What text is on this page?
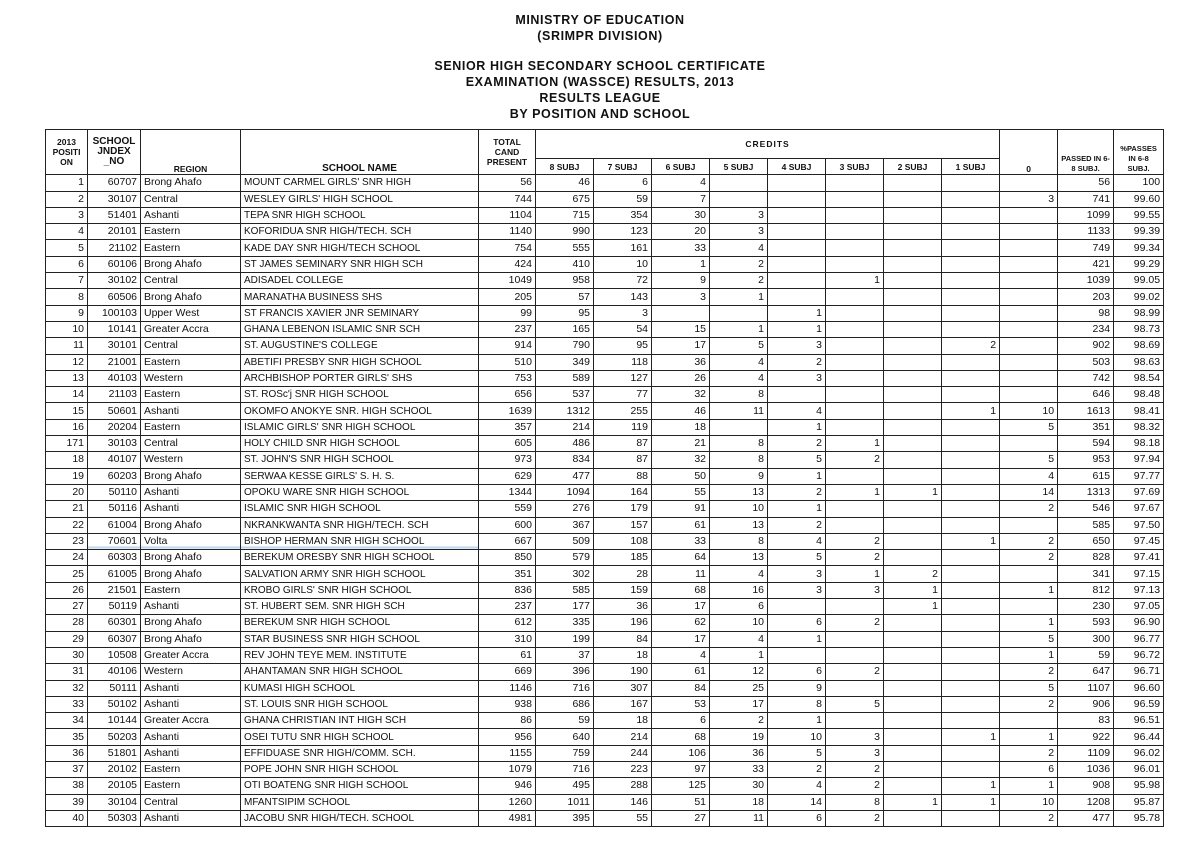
MINISTRY OF EDUCATION
(SRIMPR DIVISION)
SENIOR HIGH SECONDARY SCHOOL CERTIFICATE
EXAMINATION (WASSCE) RESULTS, 2013
RESULTS LEAGUE
BY POSITION AND SCHOOL
2013 POSITI ON	SCHOOL JNDEX _NO	REGION	SCHOOL NAME	TOTAL CAND PRESENT	CREDITS								0	PASSED IN 6-8 SUBJ.	%PASSES IN 6-8 SUBJ.
					8 SUBJ	7 SUBJ	6 SUBJ	5 SUBJ	4 SUBJ	3 SUBJ	2 SUBJ	1 SUBJ			
1	60707	Brong Ahafo	MOUNT CARMEL GIRLS' SNR HIGH	56	46	6	4							56	100
2	30107	Central	WESLEY GIRLS' HIGH SCHOOL	744	675	59	7						3	741	99.60
3	51401	Ashanti	TEPA SNR HIGH SCHOOL	1104	715	354	30	3						1099	99.55
4	20101	Eastern	KOFORIDUA SNR HIGH/TECH. SCH	1140	990	123	20	3						1133	99.39
5	21102	Eastern	KADE DAY SNR HIGH/TECH SCHOOL	754	555	161	33	4						749	99.34
6	60106	Brong Ahafo	ST JAMES SEMINARY SNR HIGH SCH	424	410	10	1	2						421	99.29
7	30102	Central	ADISADEL COLLEGE	1049	958	72	9	2		1				1039	99.05
8	60506	Brong Ahafo	MARANATHA BUSINESS SHS	205	57	143	3	1						203	99.02
9	100103	Upper West	ST FRANCIS XAVIER JNR SEMINARY	99	95	3			1					98	98.99
10	10141	Greater Accra	GHANA LEBENON ISLAMIC SNR SCH	237	165	54	15	1	1					234	98.73
11	30101	Central	ST. AUGUSTINE'S COLLEGE	914	790	95	17	5	3			2		902	98.69
12	21001	Eastern	ABETIFI PRESBY SNR HIGH SCHOOL	510	349	118	36	4	2					503	98.63
13	40103	Western	ARCHBISHOP PORTER GIRLS' SHS	753	589	127	26	4	3					742	98.54
14	21103	Eastern	ST. ROSc'j SNR HIGH SCHOOL	656	537	77	32	8						646	98.48
15	50601	Ashanti	OKOMFO ANOKYE SNR. HIGH SCHOOL	1639	1312	255	46	11	4			1	10	1613	98.41
16	20204	Eastern	ISLAMIC GIRLS' SNR HIGH SCHOOL	357	214	119	18		1				5	351	98.32
171	30103	Central	HOLY CHILD SNR HIGH SCHOOL	605	486	87	21	8	2	1				594	98.18
18	40107	Western	ST. JOHN'S SNR HIGH SCHOOL	973	834	87	32	8	5	2			5	953	97.94
19	60203	Brong Ahafo	SERWAA KESSE GIRLS' S. H. S.	629	477	88	50	9	1				4	615	97.77
20	50110	Ashanti	OPOKU WARE SNR HIGH SCHOOL	1344	1094	164	55	13	2	1	1		14	1313	97.69
21	50116	Ashanti	ISLAMIC SNR HIGH SCHOOL	559	276	179	91	10	1				2	546	97.67
22	61004	Brong Ahafo	NKRANKWANTA SNR HIGH/TECH. SCH	600	367	157	61	13	2					585	97.50
23	70601	Volta	BISHOP HERMAN SNR HIGH SCHOOL	667	509	108	33	8	4	2		1	2	650	97.45
24	60303	Brong Ahafo	BEREKUM ORESBY SNR HIGH SCHOOL	850	579	185	64	13	5	2			2	828	97.41
25	61005	Brong Ahafo	SALVATION ARMY SNR HIGH SCHOOL	351	302	28	11	4	3	1	2			341	97.15
26	21501	Eastern	KROBO GIRLS' SNR HIGH SCHOOL	836	585	159	68	16	3	3	1		1	812	97.13
27	50119	Ashanti	ST. HUBERT SEM. SNR HIGH SCH	237	177	36	17	6			1			230	97.05
28	60301	Brong Ahafo	BEREKUM SNR HIGH SCHOOL	612	335	196	62	10	6	2			1	593	96.90
29	60307	Brong Ahafo	STAR BUSINESS SNR HIGH SCHOOL	310	199	84	17	4	1				5	300	96.77
30	10508	Greater Accra	REV JOHN TEYE MEM. INSTITUTE	61	37	18	4	1					1	59	96.72
31	40106	Western	AHANTAMAN SNR HIGH SCHOOL	669	396	190	61	12	6	2			2	647	96.71
32	50111	Ashanti	KUMASI HIGH SCHOOL	1146	716	307	84	25	9				5	1107	96.60
33	50102	Ashanti	ST. LOUIS SNR HIGH SCHOOL	938	686	167	53	17	8	5			2	906	96.59
34	10144	Greater Accra	GHANA CHRISTIAN INT HIGH SCH	86	59	18	6	2	1					83	96.51
35	50203	Ashanti	OSEI TUTU SNR HIGH SCHOOL	956	640	214	68	19	10	3		1	1	922	96.44
36	51801	Ashanti	EFFIDUASE SNR HIGH/COMM. SCH.	1155	759	244	106	36	5	3			2	1109	96.02
37	20102	Eastern	POPE JOHN SNR HIGH SCHOOL	1079	716	223	97	33	2	2			6	1036	96.01
38	20105	Eastern	OTI BOATENG SNR HIGH SCHOOL	946	495	288	125	30	4	2		1	1	908	95.98
39	30104	Central	MFANTSIPIM SCHOOL	1260	1011	146	51	18	14	8	1	1	10	1208	95.87
40	50303	Ashanti	JACOBU SNR HIGH/TECH. SCHOOL	4981	395	55	27	11	6	2			2	477	95.78
